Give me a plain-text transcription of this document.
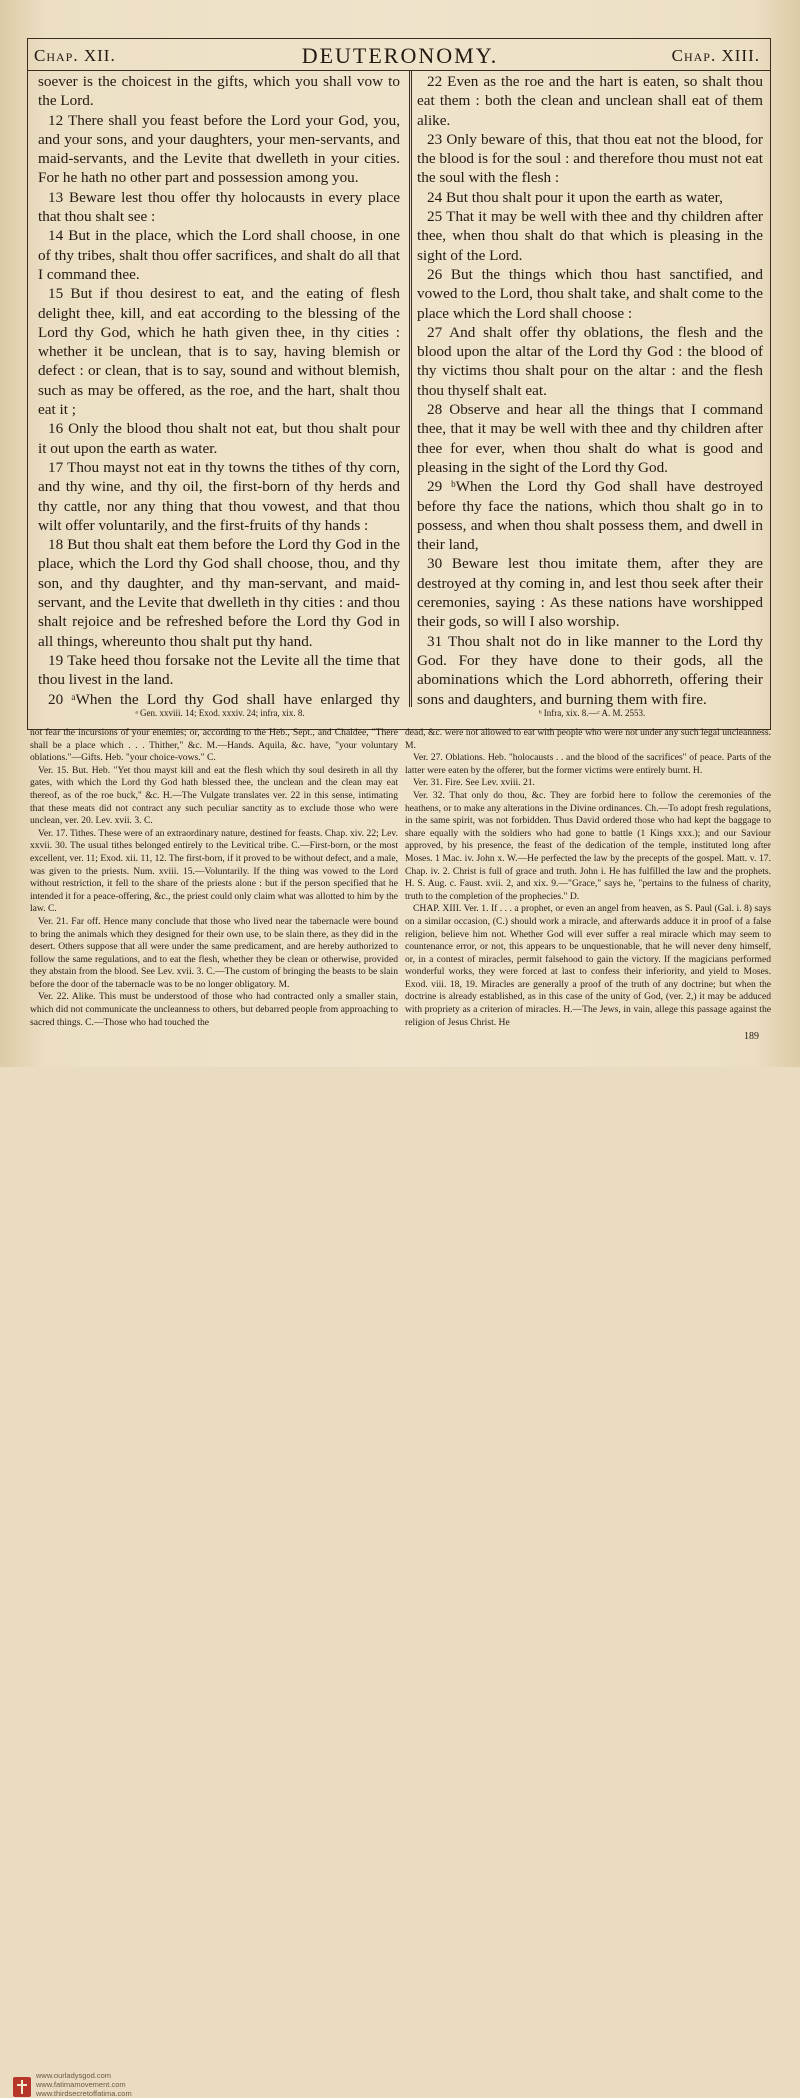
Chap. XII.	DEUTERONOMY.	Chap. XIII.

soever is the choicest in the gifts, which you shall vow to the Lord.

12 There shall you feast before the Lord your God, you, and your sons, and your daughters, your men-servants, and maid-servants, and the Levite that dwelleth in your cities. For he hath no other part and possession among you.

13 Beware lest thou offer thy holocausts in every place that thou shalt see :

14 But in the place, which the Lord shall choose, in one of thy tribes, shalt thou offer sacrifices, and shalt do all that I command thee.

15 But if thou desirest to eat, and the eating of flesh delight thee, kill, and eat according to the blessing of the Lord thy God, which he hath given thee, in thy cities : whether it be unclean, that is to say, having blemish or defect : or clean, that is to say, sound and without blemish, such as may be offered, as the roe, and the hart, shalt thou eat it ;

16 Only the blood thou shalt not eat, but thou shalt pour it out upon the earth as water.

17 Thou mayst not eat in thy towns the tithes of thy corn, and thy wine, and thy oil, the first-born of thy herds and thy cattle, nor any thing that thou vowest, and that thou wilt offer voluntarily, and the first-fruits of thy hands :

18 But thou shalt eat them before the Lord thy God in the place, which the Lord thy God shall choose, thou, and thy son, and thy daughter, and thy man-servant, and maid-servant, and the Levite that dwelleth in thy cities : and thou shalt rejoice and be refreshed before the Lord thy God in all things, whereunto thou shalt put thy hand.

19 Take heed thou forsake not the Levite all the time that thou livest in the land.

20 ᵃWhen the Lord thy God shall have enlarged thy

22 Even as the roe and the hart is eaten, so shalt thou eat them : both the clean and unclean shall eat of them alike.

23 Only beware of this, that thou eat not the blood, for the blood is for the soul : and therefore thou must not eat the soul with the flesh :

24 But thou shalt pour it upon the earth as water,

25 That it may be well with thee and thy children after thee, when thou shalt do that which is pleasing in the sight of the Lord.

26 But the things which thou hast sanctified, and vowed to the Lord, thou shalt take, and shalt come to the place which the Lord shall choose :

27 And shalt offer thy oblations, the flesh and the blood upon the altar of the Lord thy God : the blood of thy victims thou shalt pour on the altar : and the flesh thou thyself shalt eat.

28 Observe and hear all the things that I command thee, that it may be well with thee and thy children after thee for ever, when thou shalt do what is good and pleasing in the sight of the Lord thy God.

29 ᵇWhen the Lord thy God shall have destroyed before thy face the nations, which thou shalt go in to possess, and when thou shalt possess them, and dwell in their land,

30 Beware lest thou imitate them, after they are destroyed at thy coming in, and lest thou seek after their ceremonies, saying : As these nations have worshipped their gods, so will I also worship.

31 Thou shalt not do in like manner to the Lord thy God. For they have done to their gods, all the abominations which the Lord abhorreth, offering their sons and daughters, and burning them with fire.

ᵃ Gen. xxviii. 14; Exod. xxxiv. 24; infra, xix. 8.	ᵇ Infra, xix. 8.—ᶜ A. M. 2553.

not fear the incursions of your enemies; or, according to the Heb., Sept., and Chaldee, "There shall be a place which . . . Thither," &c. M.—Hands. Aquila, &c. have, "your voluntary oblations."—Gifts. Heb. "your choice-vows." C.

Ver. 15. But. Heb. "Yet thou mayst kill and eat the flesh which thy soul desireth in all thy gates, with which the Lord thy God hath blessed thee, the unclean and the clean may eat thereof, as of the roe buck," &c. H.—The Vulgate translates ver. 22 in this sense, intimating that these meats did not contract any such peculiar sanctity as to exclude those who were unclean, ver. 20. Lev. xvii. 3. C.

Ver. 17. Tithes. These were of an extraordinary nature, destined for feasts. Chap. xiv. 22; Lev. xxvii. 30. The usual tithes belonged entirely to the Levitical tribe. C.—First-born, or the most excellent, ver. 11; Exod. xii. 11, 12. The first-born, if it proved to be without defect, and a male, was given to the priests. Num. xviii. 15.—Voluntarily. If the thing was vowed to the Lord without restriction, it fell to the share of the priests alone : but if the person specified that he intended it for a peace-offering, &c., the priest could only claim what was allotted to him by the law. C.

Ver. 21. Far off. Hence many conclude that those who lived near the tabernacle were bound to bring the animals which they designed for their own use, to be slain there, as they did in the desert. Others suppose that all were under the same predicament, and are hereby authorized to follow the same regulations, and to eat the flesh, whether they be clean or otherwise, provided they abstain from the blood. See Lev. xvii. 3. C.—The custom of bringing the beasts to be slain before the door of the tabernacle was to be no longer obligatory. M.

Ver. 22. Alike. This must be understood of those who had contracted only a smaller stain, which did not communicate the uncleanness to others, but debarred people from approaching to sacred things. C.—Those who had touched the

dead, &c. were not allowed to eat with people who were not under any such legal uncleanness. M.

Ver. 27. Oblations. Heb. "holocausts . . and the blood of the sacrifices" of peace. Parts of the latter were eaten by the offerer, but the former victims were entirely burnt. H.

Ver. 31. Fire. See Lev. xviii. 21.

Ver. 32. That only do thou, &c. They are forbid here to follow the ceremonies of the heathens, or to make any alterations in the Divine ordinances. Ch.—To adopt fresh regulations, in the same spirit, was not forbidden. Thus David ordered those who had kept the baggage to share equally with the soldiers who had gone to battle (1 Kings xxx.); and our Saviour approved, by his presence, the feast of the dedication of the temple, instituted long after Moses. 1 Mac. iv. John x. W.—He perfected the law by the precepts of the gospel. Matt. v. 17. Chap. iv. 2. Christ is full of grace and truth. John i. He has fulfilled the law and the prophets. H. S. Aug. c. Faust. xvii. 2, and xix. 9.—"Grace," says he, "pertains to the fulness of charity, truth to the completion of the prophecies." D.

CHAP. XIII. Ver. 1. If . . . a prophet, or even an angel from heaven, as S. Paul (Gal. i. 8) says on a similar occasion, (C.) should work a miracle, and afterwards adduce it in proof of a false religion, believe him not. Whether God will ever suffer a real miracle which may seem to countenance error, or not, this appears to be unquestionable, that he will never deny himself, or, in a contest of miracles, permit falsehood to gain the victory. If the magicians performed wonderful works, they were forced at last to confess their inferiority, and yield to Moses. Exod. viii. 18, 19. Miracles are generally a proof of the truth of any doctrine; but when the doctrine is already established, as in this case of the unity of God, (ver. 2,) it may be adduced with propriety as a criterion of miracles. H.—The Jews, in vain, allege this passage against the religion of Jesus Christ. He

189
www.ourladysgod.com
www.fatimamovement.com
www.thirdsecretoffatima.com
